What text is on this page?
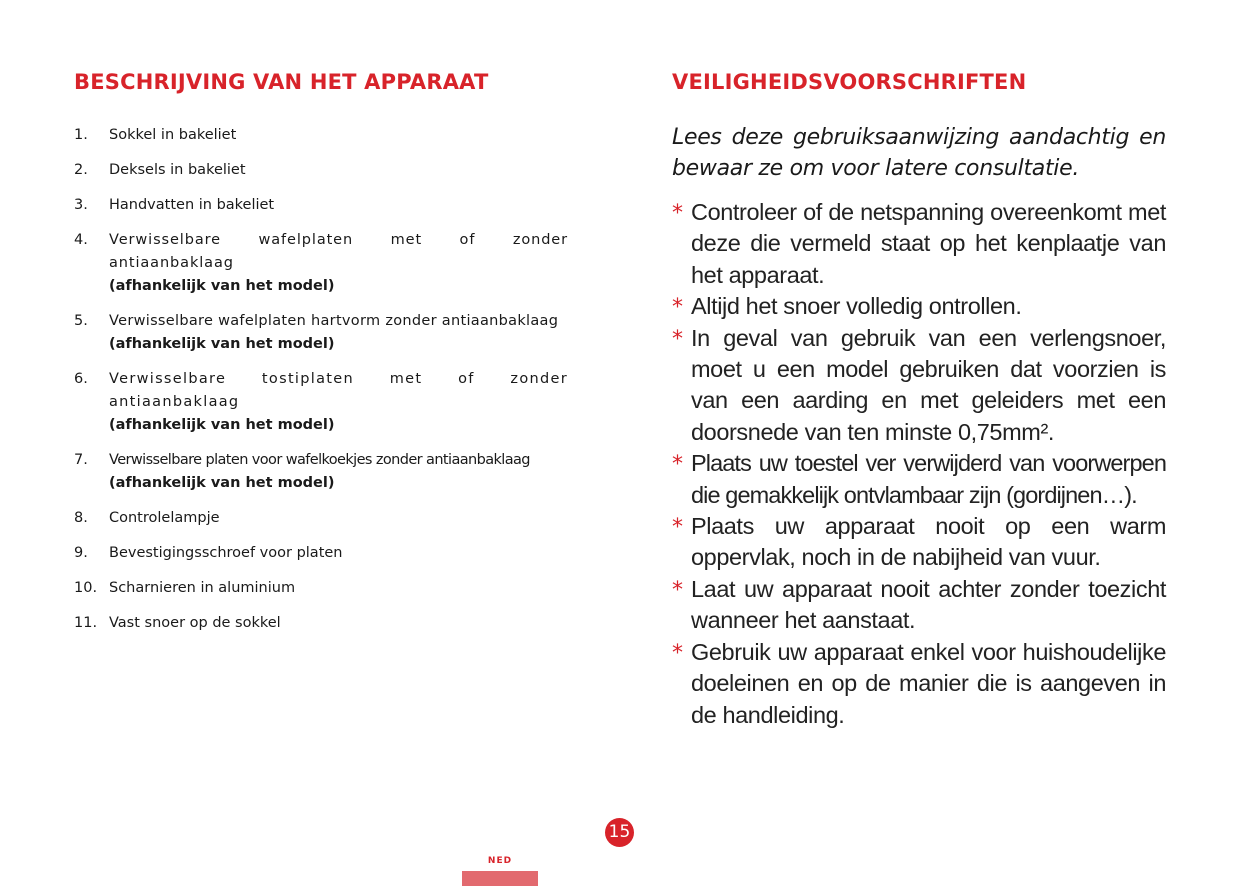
BESCHRIJVING VAN HET APPARAAT
1. Sokkel in bakeliet
2. Deksels in bakeliet
3. Handvatten in bakeliet
4. Verwisselbare wafelplaten met of zonder antiaanbaklaag
(afhankelijk van het model)
5. Verwisselbare wafelplaten hartvorm zonder antiaanbaklaag
(afhankelijk van het model)
6. Verwisselbare tostiplaten met of zonder antiaanbaklaag
(afhankelijk van het model)
7. Verwisselbare platen voor wafelkoekjes zonder antiaanbaklaag
(afhankelijk van het model)
8. Controlelampje
9. Bevestigingsschroef voor platen
10. Scharnieren in aluminium
11. Vast snoer op de sokkel
VEILIGHEIDSVOORSCHRIFTEN

Lees deze gebruiksaanwijzing aandachtig en bewaar ze om voor latere consultatie.

* Controleer of de netspanning overeenkomt met deze die vermeld staat op het kenplaatje van het apparaat.
* Altijd het snoer volledig ontrollen.
* In geval van gebruik van een verlengsnoer, moet u een model gebruiken dat voorzien is van een aarding en met geleiders met een doorsnede van ten minste 0,75mm².
* Plaats uw toestel ver verwijderd van voorwerpen die gemakkelijk ontvlambaar zijn (gordijnen…).
* Plaats uw apparaat nooit op een warm oppervlak, noch in de nabijheid van vuur.
* Laat uw apparaat nooit achter zonder toezicht wanneer het aanstaat.
* Gebruik uw apparaat enkel voor huishoudelijke doeleinen en op de manier die is aangeven in de handleiding.
15
NED
